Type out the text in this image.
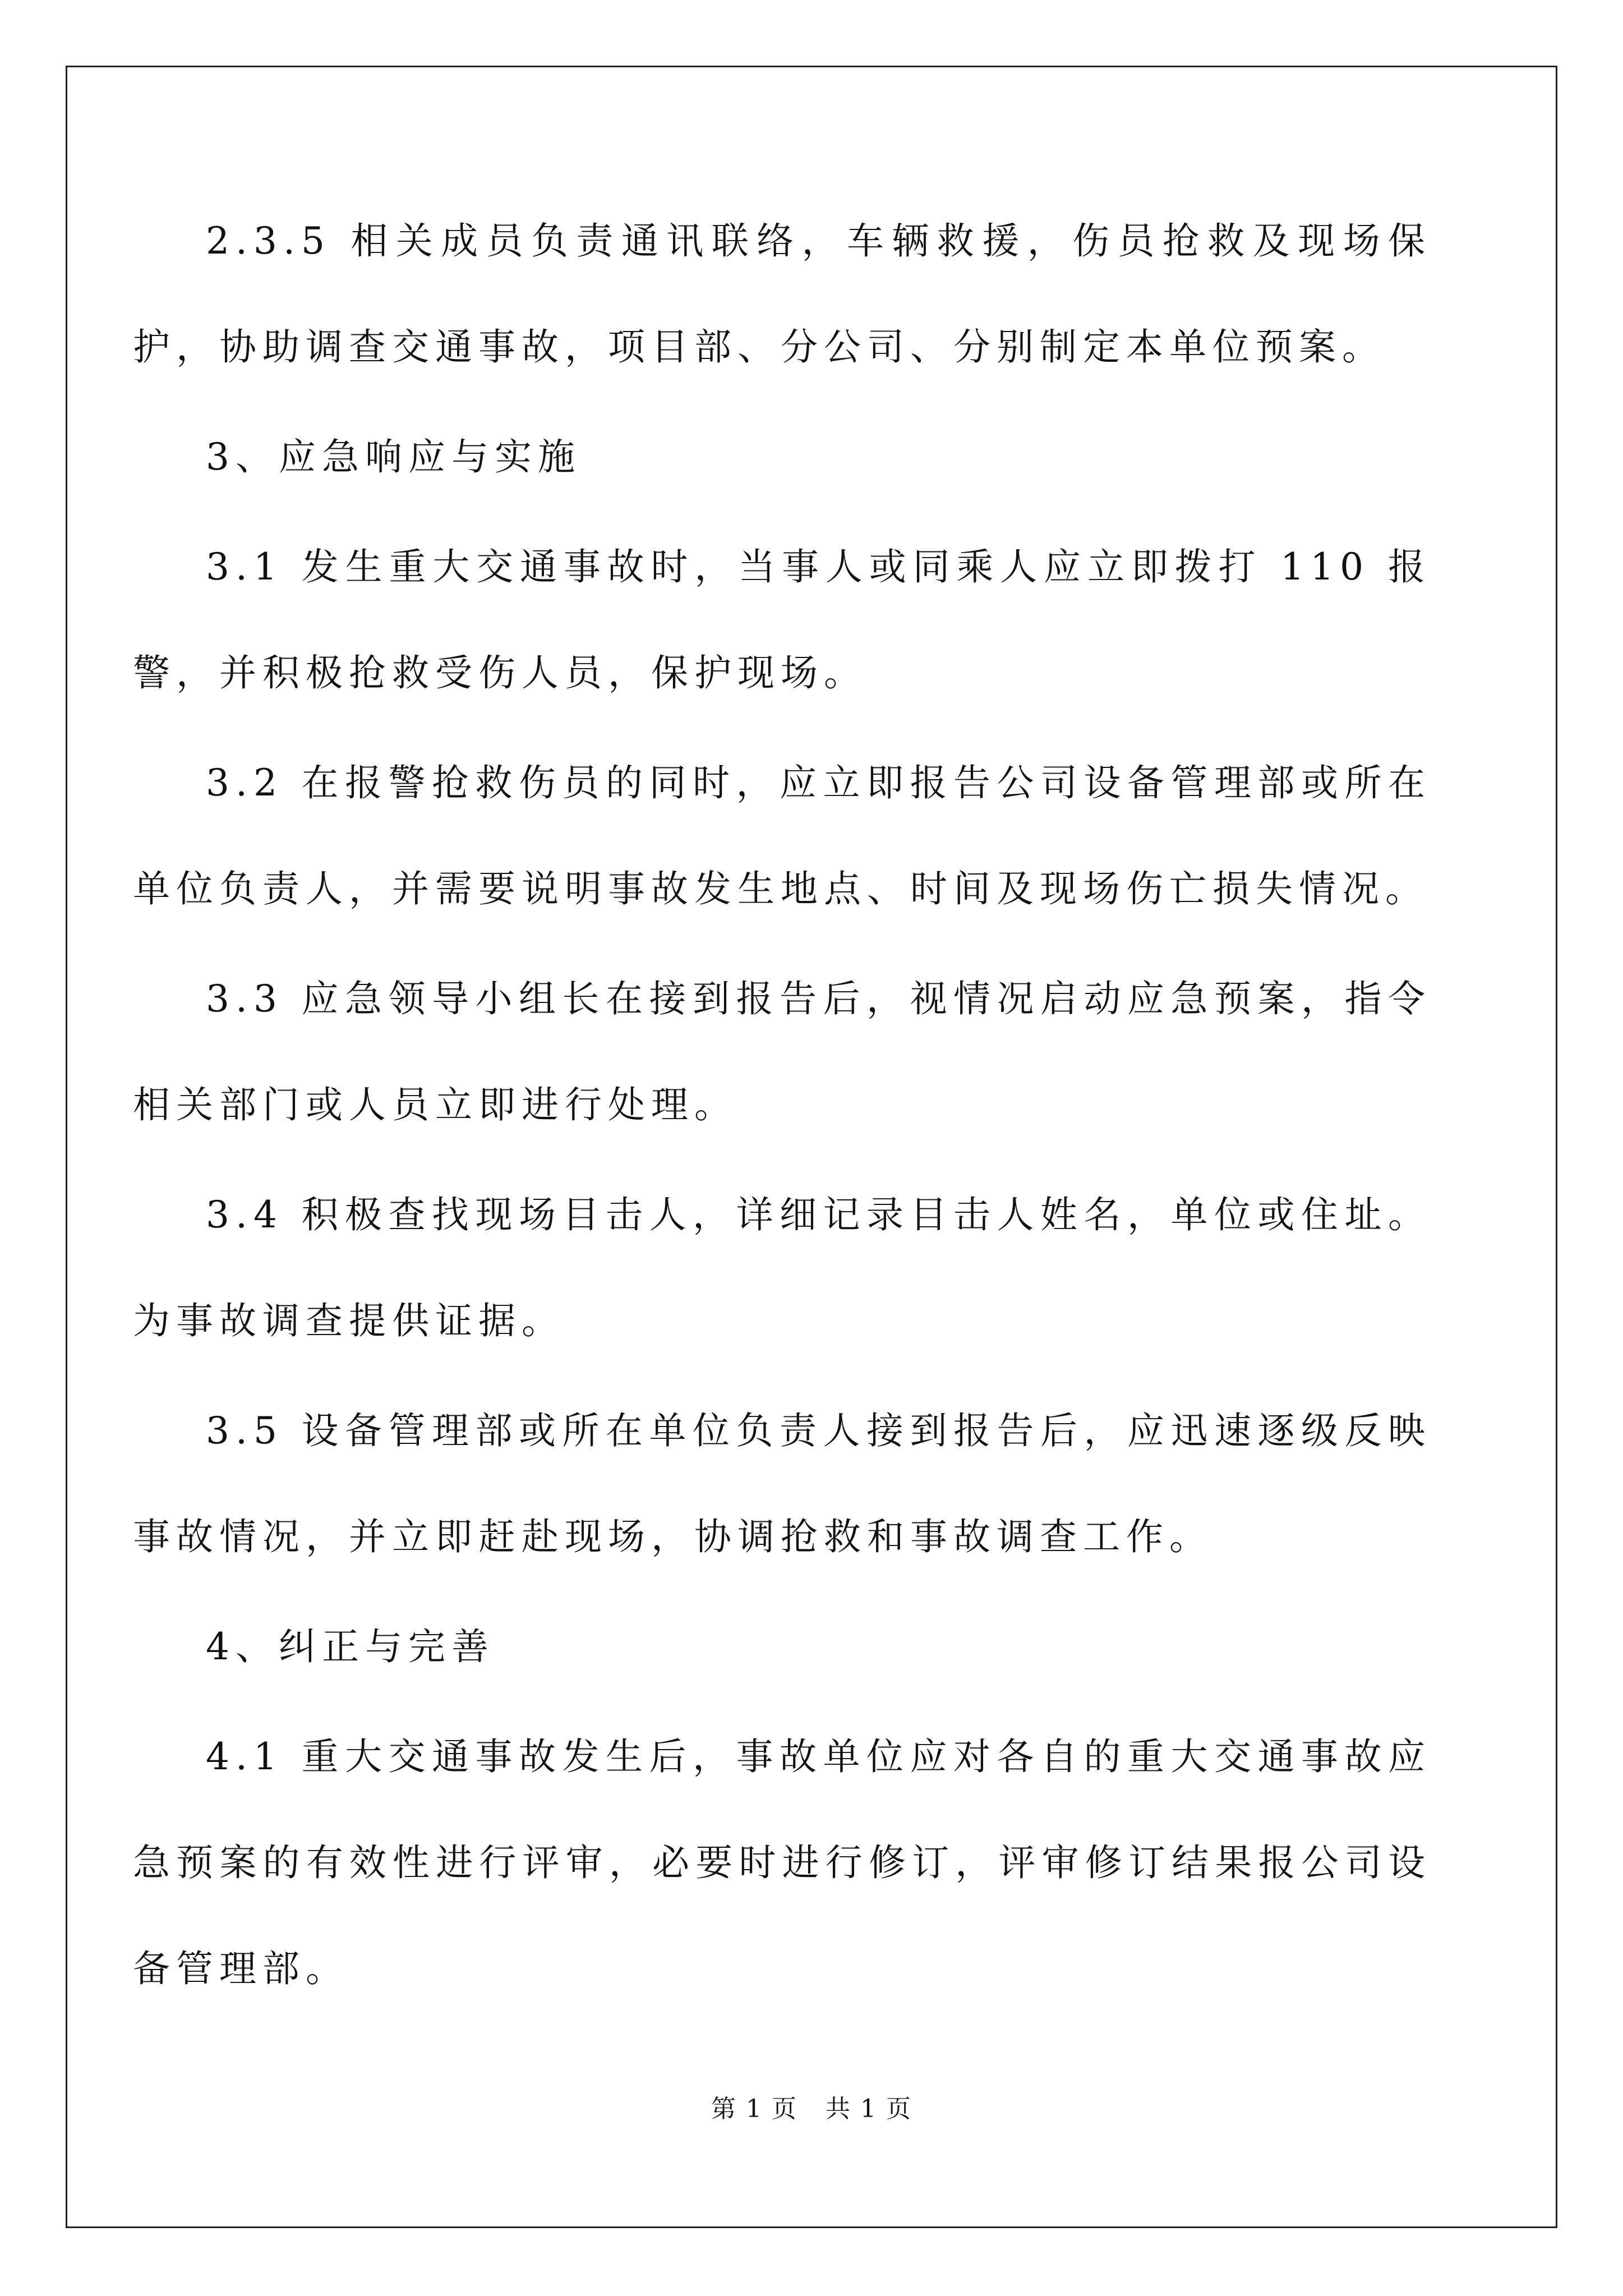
2.3.5 相关成员负责通讯联络，车辆救援，伤员抢救及现场保护，协助调查交通事故，项目部、分公司、分别制定本单位预案。

3、应急响应与实施

3.1 发生重大交通事故时，当事人或同乘人应立即拨打 110 报警，并积极抢救受伤人员，保护现场。

3.2 在报警抢救伤员的同时，应立即报告公司设备管理部或所在单位负责人，并需要说明事故发生地点、时间及现场伤亡损失情况。

3.3 应急领导小组长在接到报告后，视情况启动应急预案，指令相关部门或人员立即进行处理。

3.4 积极查找现场目击人，详细记录目击人姓名，单位或住址。为事故调查提供证据。

3.5 设备管理部或所在单位负责人接到报告后，应迅速逐级反映事故情况，并立即赶赴现场，协调抢救和事故调查工作。

4、纠正与完善

4.1 重大交通事故发生后，事故单位应对各自的重大交通事故应急预案的有效性进行评审，必要时进行修订，评审修订结果报公司设备管理部。

第 1 页 共 1 页
